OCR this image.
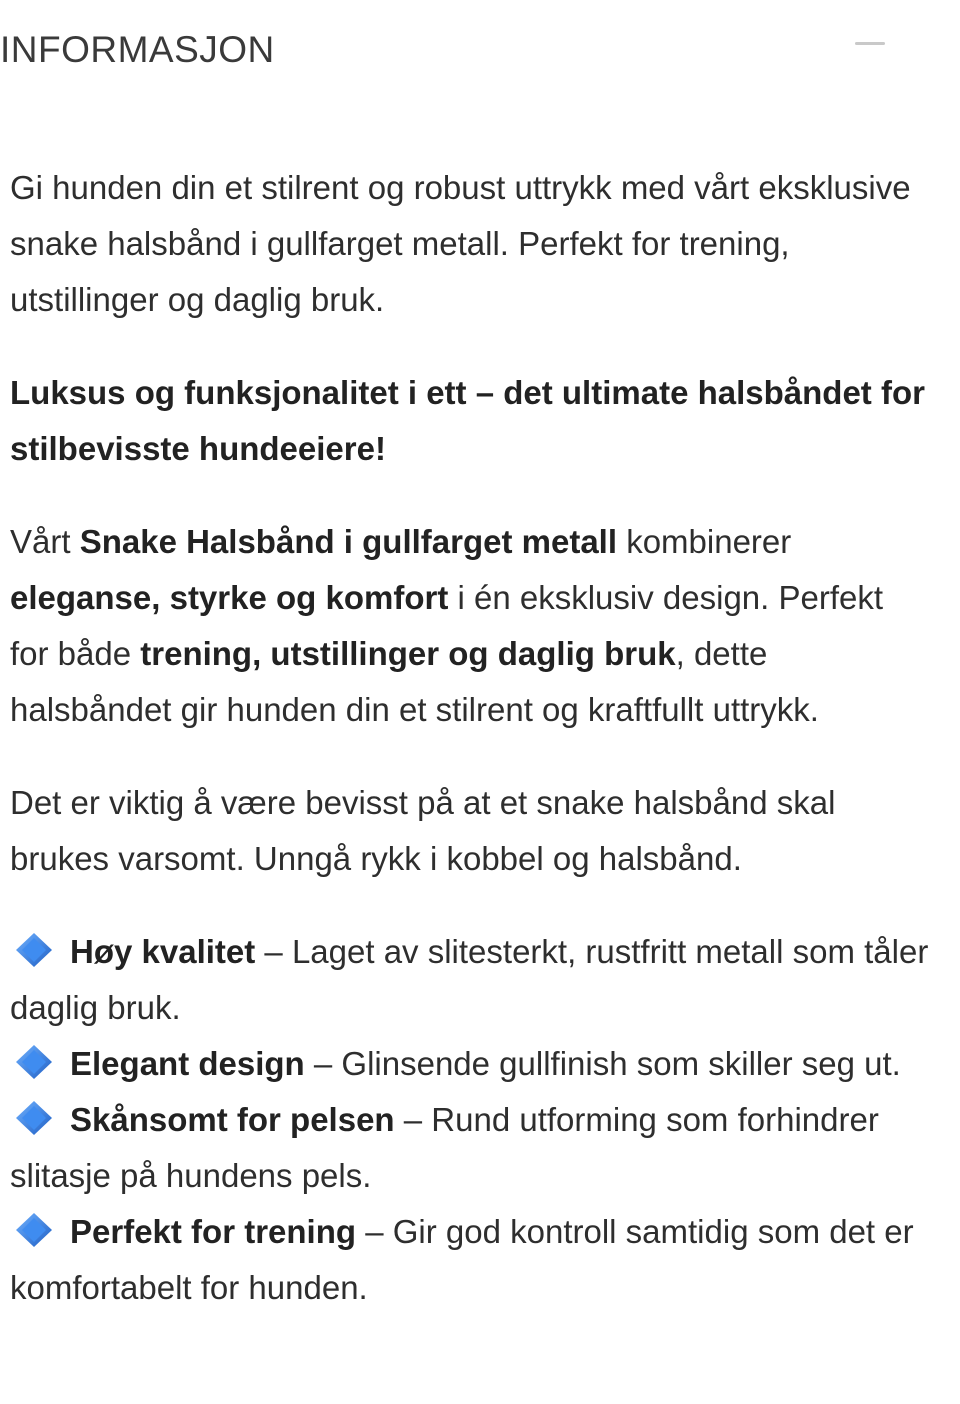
INFORMASJON

Gi hunden din et stilrent og robust uttrykk med vårt eksklusive snake halsbånd i gullfarget metall. Perfekt for trening, utstillinger og daglig bruk.

Luksus og funksjonalitet i ett – det ultimate halsbåndet for stilbevisste hundeeiere!

Vårt Snake Halsbånd i gullfarget metall kombinerer eleganse, styrke og komfort i én eksklusiv design. Perfekt for både trening, utstillinger og daglig bruk, dette halsbåndet gir hunden din et stilrent og kraftfullt uttrykk.

Det er viktig å være bevisst på at et snake halsbånd skal brukes varsomt. Unngå rykk i kobbel og halsbånd.

Høy kvalitet – Laget av slitesterkt, rustfritt metall som tåler daglig bruk.
Elegant design – Glinsende gullfinish som skiller seg ut.
Skånsomt for pelsen – Rund utforming som forhindrer slitasje på hundens pels.
Perfekt for trening – Gir god kontroll samtidig som det er komfortabelt for hunden.
